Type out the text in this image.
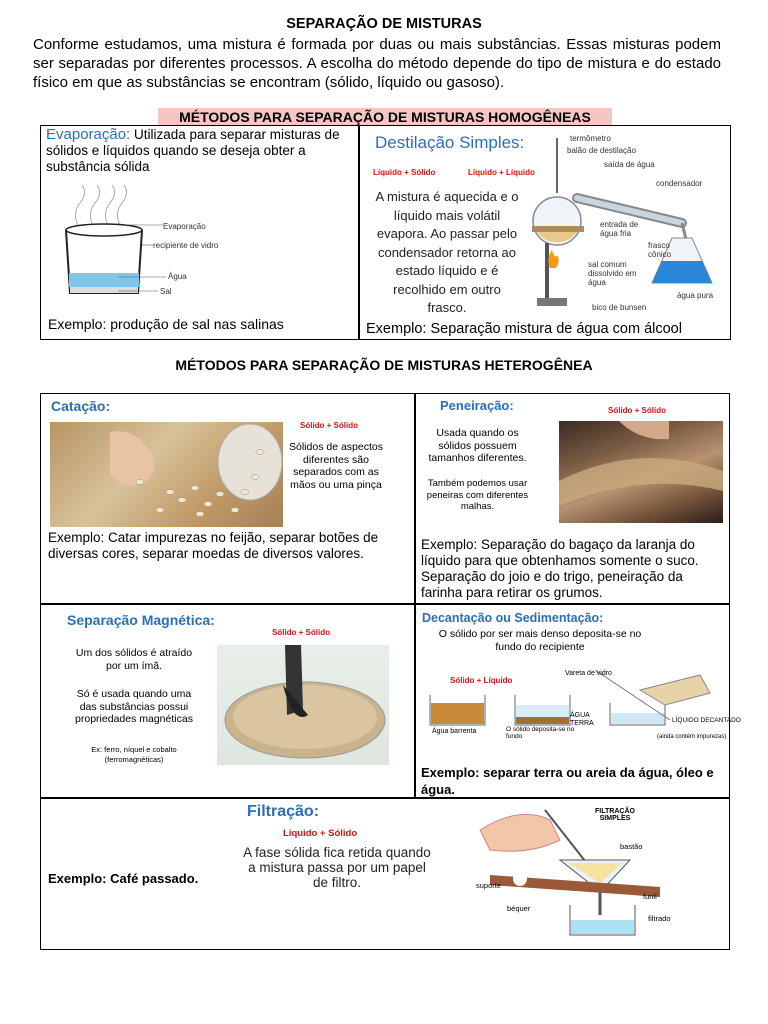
SEPARAÇÃO DE MISTURAS
Conforme estudamos, uma mistura é formada por duas ou mais substâncias. Essas misturas podem ser separadas por diferentes processos. A escolha do método depende do tipo de mistura e do estado físico em que as substâncias se encontram (sólido, líquido ou gasoso).
MÉTODOS PARA SEPARAÇÃO DE MISTURAS HOMOGÊNEAS
Evaporação: Utilizada para separar misturas de sólidos e líquidos quando se deseja obter a substância sólida
Evaporação
recipiente de vidro
Água
Sal
Exemplo: produção de sal nas salinas
Destilação Simples:
Líquido + Sólido	Líquido + Líquido
A mistura é aquecida e o líquido mais volátil evapora. Ao passar pelo condensador retorna ao estado líquido e é recolhido em outro frasco.
termômetro
balão de destilação
saída de água
condensador
entrada de água fria
frasco cônico
sal comum dissolvido em água
água pura
bico de bunsen
Exemplo: Separação mistura de água com álcool
MÉTODOS PARA SEPARAÇÃO DE MISTURAS HETEROGÊNEA
Catação:
Sólido + Sólido
Sólidos de aspectos diferentes são separados com as mãos ou uma pinça
Exemplo: Catar impurezas no feijão, separar botões de diversas cores, separar moedas de diversos valores.
Peneiração:	Sólido + Sólido
Usada quando os sólidos possuem tamanhos diferentes.
Também podemos usar peneiras com diferentes malhas.
Exemplo: Separação do bagaço da laranja do líquido para que obtenhamos somente o suco. Separação do joio e do trigo, peneiração da farinha para retirar os grumos.
Separação Magnética:
Sólido + Sólido
Um dos sólidos é atraído por um ímã.
Só é usada quando uma das substâncias possui propriedades magnéticas
Ex: ferro, níquel e cobalto (ferromagnéticas)
Decantação ou Sedimentação:
O sólido por ser mais denso deposita-se no fundo do recipiente
Sólido + Líquido
Vareta de vidro
ÁGUA
TERRA
Água barrenta	O sólido deposita-se no fundo
LÍQUIDO DECANTADO
(ainda contém impurezas)
Exemplo: separar terra ou areia da água, óleo e água.
Exemplo: Café passado.
Filtração:
Líquido + Sólido
A fase sólida fica retida quando a mistura passa por um papel de filtro.
FILTRAÇÃO SIMPLES
bastão
suporte
funil
béquer
filtrado
